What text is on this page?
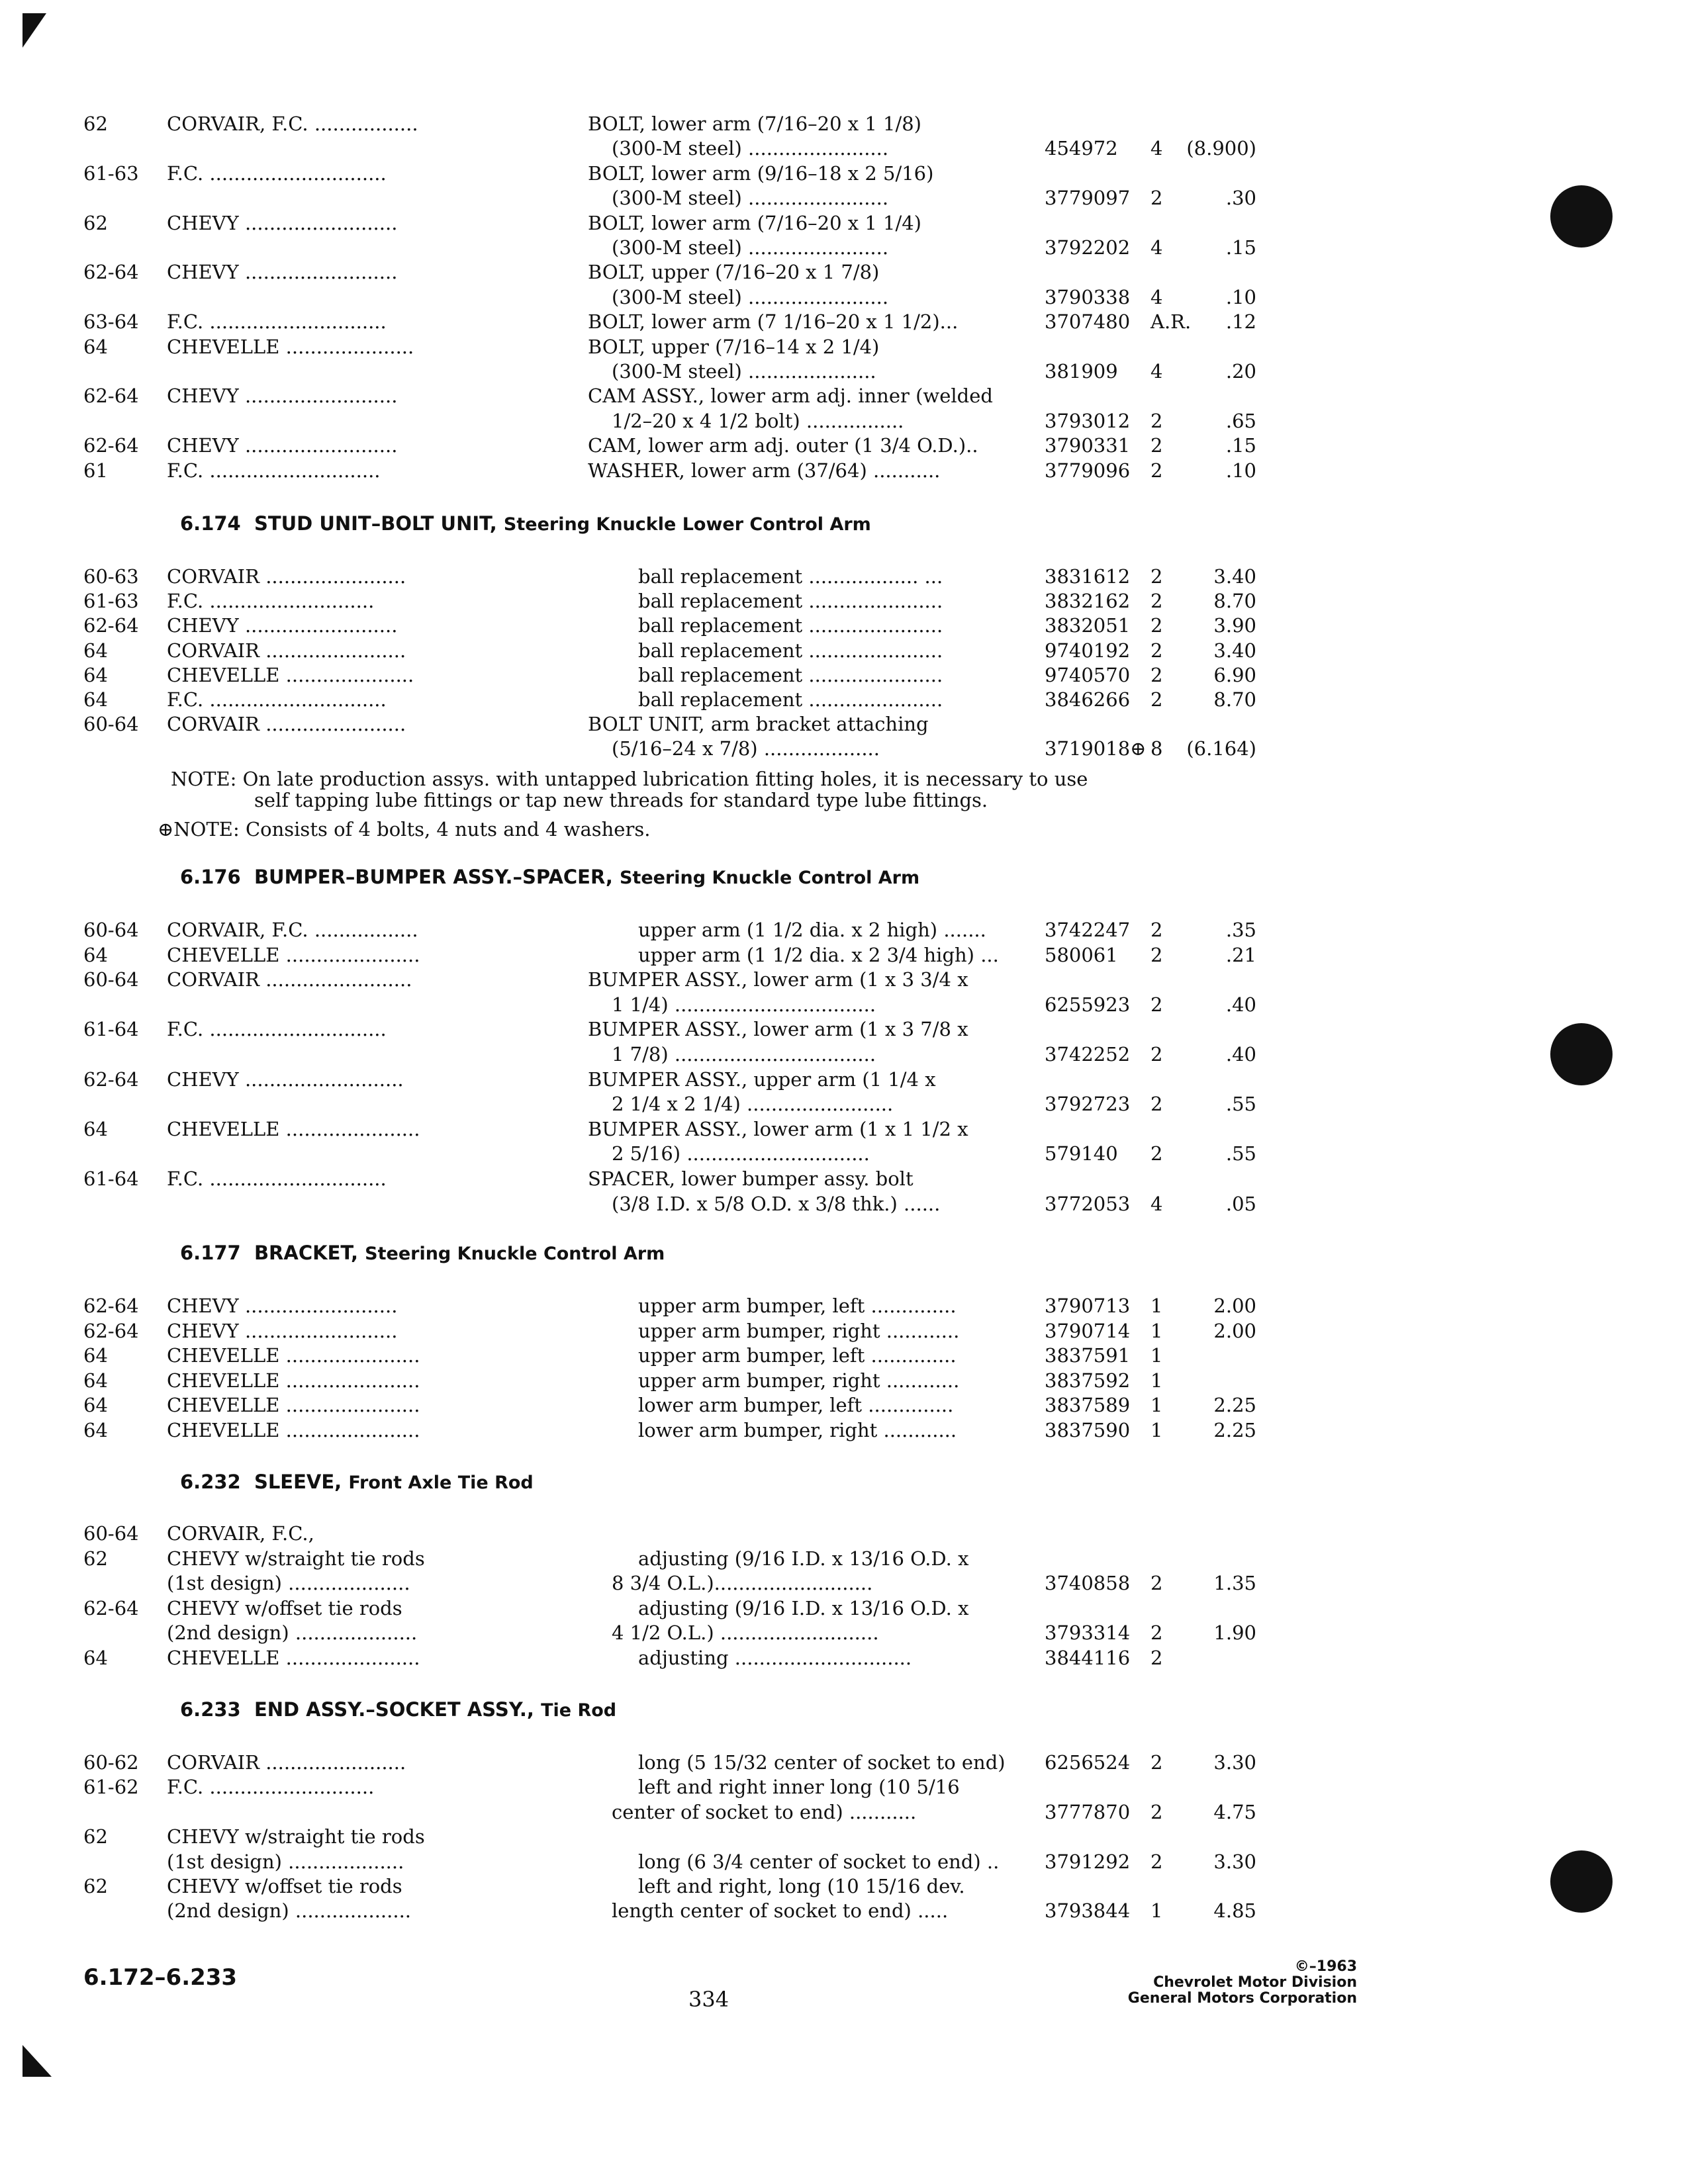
62	CORVAIR, F.C. .................	BOLT, lower arm (7/16–20 x 1 1/8)
(300-M steel) .......................	454972 4	(8.900)
61-63 F.C. .............................	BOLT, lower arm (9/16–18 x 2 5/16)
(300-M steel) .......................	3779097 2	.30
62	CHEVY .........................	BOLT, lower arm (7/16–20 x 1 1/4)
(300-M steel) .......................	3792202 4	.15
62-64 CHEVY .........................	BOLT, upper (7/16–20 x 1 7/8)
(300-M steel) .......................	3790338 4	.10
63-64 F.C. .............................	BOLT, lower arm (7 1/16–20 x 1 1/2)...	3707480 A.R.	.12
64	CHEVELLE .....................	BOLT, upper (7/16–14 x 2 1/4)
(300-M steel) .....................	381909 4	.20
62-64 CHEVY .........................	CAM ASSY., lower arm adj. inner (welded
1/2–20 x 4 1/2 bolt) ................	3793012 2	.65
62-64 CHEVY .........................	CAM, lower arm adj. outer (1 3/4 O.D.)..	3790331 2	.15
61	F.C. ............................	WASHER, lower arm (37/64) ...........	3779096 2	.10
60-63 CORVAIR .......................	ball replacement .................. ...	3831612 2	3.40
61-63 F.C. ...........................	ball replacement ......................	3832162 2	8.70
62-64 CHEVY .........................	ball replacement ......................	3832051 2	3.90
64	CORVAIR .......................	ball replacement ......................	9740192 2	3.40
64	CHEVELLE .....................	ball replacement ......................	9740570 2	6.90
64	F.C. .............................	ball replacement ......................	3846266 2	8.70
60-64 CORVAIR .......................	BOLT UNIT, arm bracket attaching
(5/16–24 x 7/8) ...................	3719018⊕ 8	(6.164)
60-64 CORVAIR, F.C. .................	upper arm (1 1/2 dia. x 2 high) .......	3742247 2	.35
64	CHEVELLE ......................	upper arm (1 1/2 dia. x 2 3/4 high) ... 580061 2	.21
60-64 CORVAIR ........................	BUMPER ASSY., lower arm (1 x 3 3/4 x
1 1/4) .................................	6255923 2	.40
61-64 F.C. .............................	BUMPER ASSY., lower arm (1 x 3 7/8 x
1 7/8) .................................	3742252 2	.40
62-64 CHEVY ..........................	BUMPER ASSY., upper arm (1 1/4 x
2 1/4 x 2 1/4) ........................	3792723 2	.55
64	CHEVELLE ......................	BUMPER ASSY., lower arm (1 x 1 1/2 x
2 5/16) ..............................	579140 2	.55
61-64 F.C. .............................	SPACER, lower bumper assy. bolt
(3/8 I.D. x 5/8 O.D. x 3/8 thk.) ......	3772053 4	.05
62-64 CHEVY .........................	upper arm bumper, left ..............	3790713 1	2.00
62-64 CHEVY .........................	upper arm bumper, right ............	3790714 1	2.00
64	CHEVELLE ......................	upper arm bumper, left ..............	3837591 1
64	CHEVELLE ......................	upper arm bumper, right ............	3837592 1
64	CHEVELLE ......................	lower arm bumper, left ..............	3837589 1	2.25
64	CHEVELLE ......................	lower arm bumper, right ............	3837590 1	2.25
60-64 CORVAIR, F.C.,
62	CHEVY w/straight tie rods	adjusting (9/16 I.D. x 13/16 O.D. x
(1st design) ....................	8 3/4 O.L.)..........................	3740858 2	1.35
62-64 CHEVY w/offset tie rods	adjusting (9/16 I.D. x 13/16 O.D. x
(2nd design) ....................	4 1/2 O.L.) ..........................	3793314 2	1.90
64	CHEVELLE ......................	adjusting .............................	3844116 2
60-62 CORVAIR .......................	long (5 15/32 center of socket to end) 6256524 2	3.30
61-62 F.C. ...........................	left and right inner long (10 5/16
center of socket to end) ...........	3777870 2	4.75
62	CHEVY w/straight tie rods
(1st design) ...................	long (6 3/4 center of socket to end) .. 3791292 2	3.30
62	CHEVY w/offset tie rods	left and right, long (10 15/16 dev.
(2nd design) ...................	length center of socket to end) .....	3793844 1	4.85
6.174 STUD UNIT–BOLT UNIT, Steering Knuckle Lower Control Arm
NOTE: On late production assys. with untapped lubrication fitting holes, it is necessary to use
self tapping lube fittings or tap new threads for standard type lube fittings.
⊕NOTE: Consists of 4 bolts, 4 nuts and 4 washers.
6.176 BUMPER–BUMPER ASSY.–SPACER, Steering Knuckle Control Arm
6.177 BRACKET, Steering Knuckle Control Arm
6.232 SLEEVE, Front Axle Tie Rod
6.233 END ASSY.–SOCKET ASSY., Tie Rod
6.172–6.233
334
©–1963
Chevrolet Motor Division
General Motors Corporation
